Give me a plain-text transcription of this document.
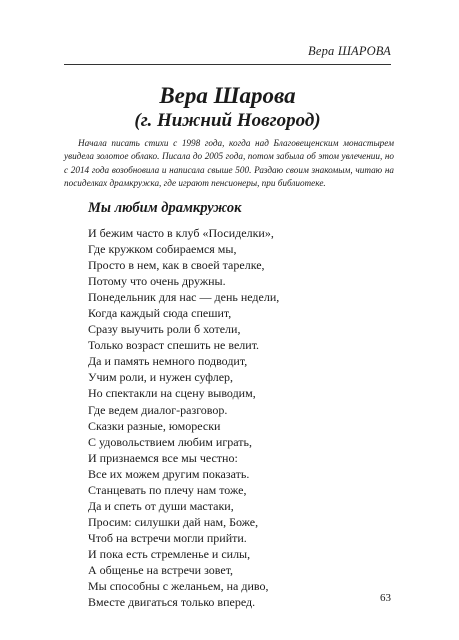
Вера ШАРОВА
Вера Шарова
(г. Нижний Новгород)
Начала писать стихи с 1998 года, когда над Благовещенским монастырем увидела золотое облако. Писала до 2005 года, потом забыла об этом увлечении, но с 2014 года возобновила и написала свыше 500. Раздаю своим знакомым, читаю на посиделках драмкружка, где играют пенсионеры, при библиотеке.
Мы любим драмкружок
И бежим часто в клуб «Посиделки»,
Где кружком собираемся мы,
Просто в нем, как в своей тарелке,
Потому что очень дружны.
Понедельник для нас — день недели,
Когда каждый сюда спешит,
Сразу выучить роли б хотели,
Только возраст спешить не велит.
Да и память немного подводит,
Учим роли, и нужен суфлер,
Но спектакли на сцену выводим,
Где ведем диалог-разговор.
Сказки разные, юморески
С удовольствием любим играть,
И признаемся все мы честно:
Все их можем другим показать.
Станцевать по плечу нам тоже,
Да и спеть от души мастаки,
Просим: силушки дай нам, Боже,
Чтоб на встречи могли прийти.
И пока есть стремленье и силы,
А общенье на встречи зовет,
Мы способны с желаньем, на диво,
Вместе двигаться только вперед.	63
